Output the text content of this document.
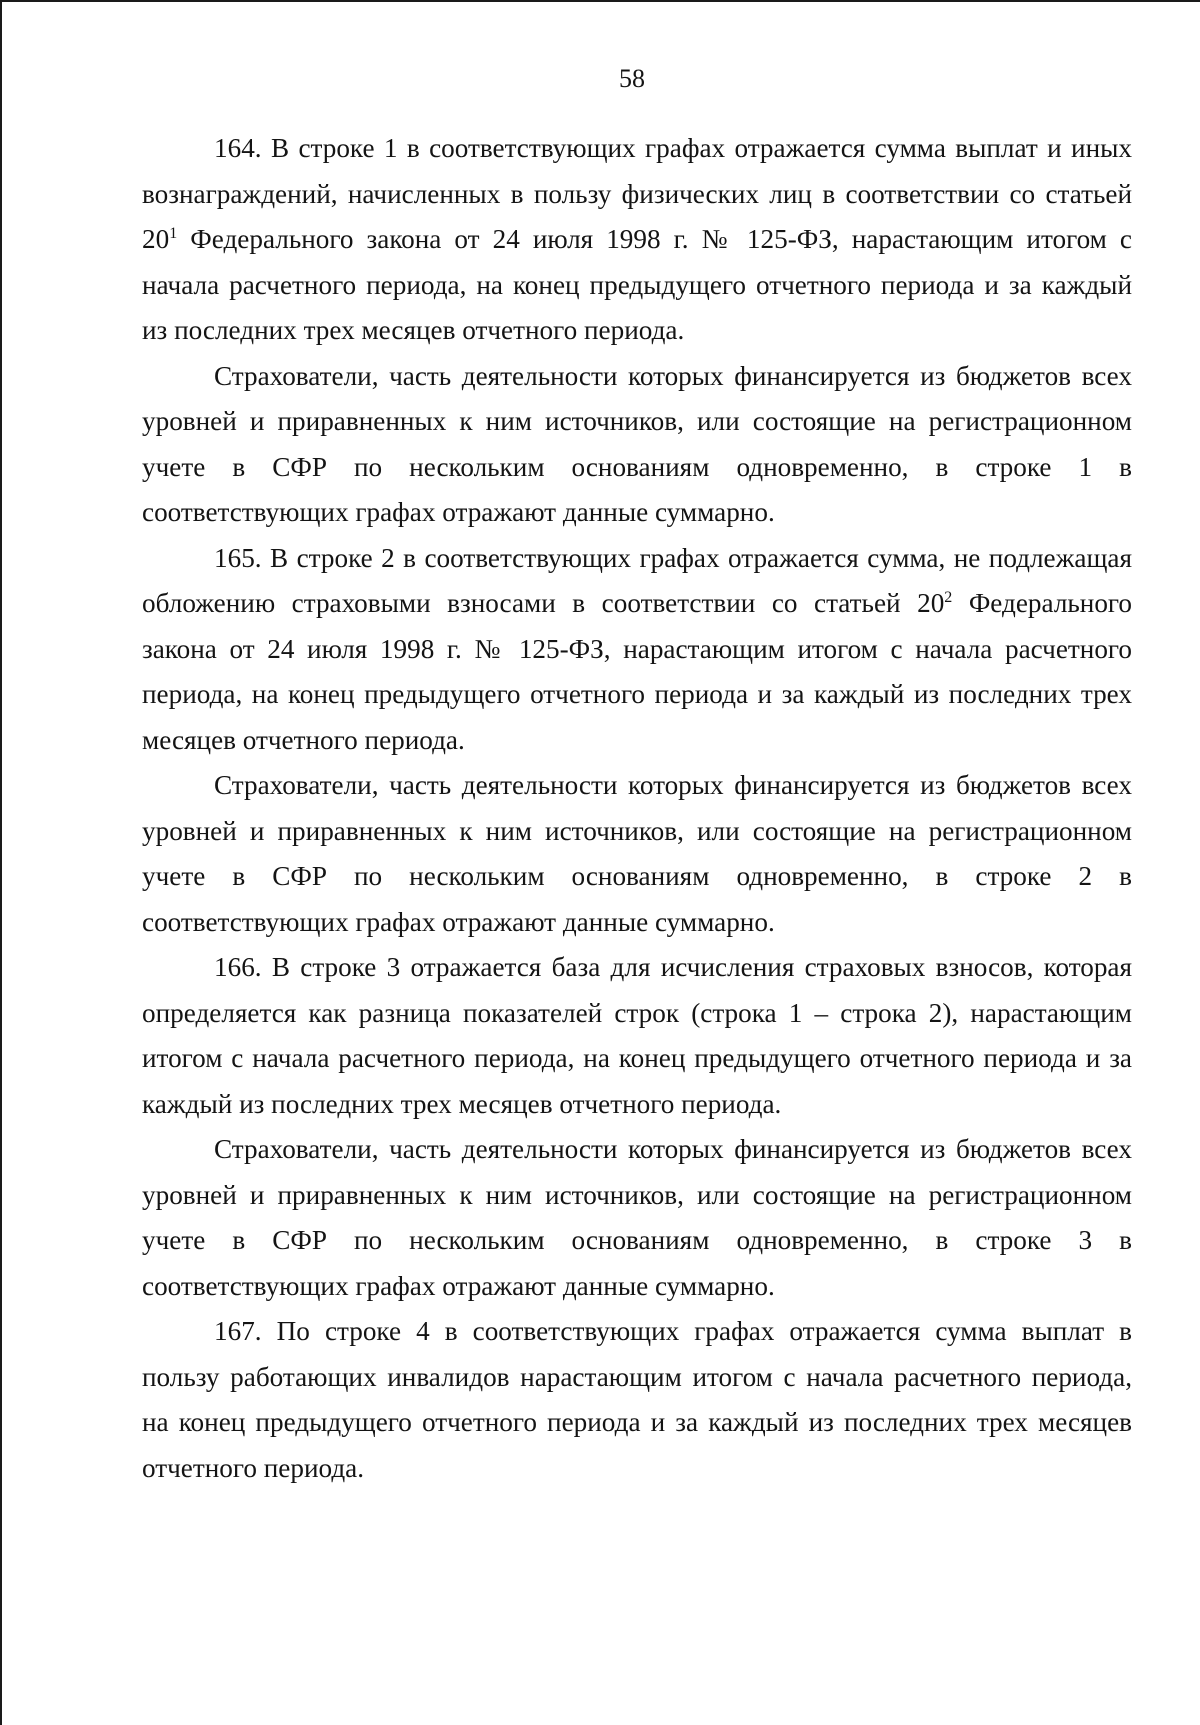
58

164. В строке 1 в соответствующих графах отражается сумма выплат и иных вознаграждений, начисленных в пользу физических лиц в соответствии со статьей $20^1$ Федерального закона от 24 июля 1998 г. № 125-ФЗ, нарастающим итогом с начала расчетного периода, на конец предыдущего отчетного периода и за каждый из последних трех месяцев отчетного периода.

Страхователи, часть деятельности которых финансируется из бюджетов всех уровней и приравненных к ним источников, или состоящие на регистрационном учете в СФР по нескольким основаниям одновременно, в строке 1 в соответствующих графах отражают данные суммарно.

165. В строке 2 в соответствующих графах отражается сумма, не подлежащая обложению страховыми взносами в соответствии со статьей $20^2$ Федерального закона от 24 июля 1998 г. № 125-ФЗ, нарастающим итогом с начала расчетного периода, на конец предыдущего отчетного периода и за каждый из последних трех месяцев отчетного периода.

Страхователи, часть деятельности которых финансируется из бюджетов всех уровней и приравненных к ним источников, или состоящие на регистрационном учете в СФР по нескольким основаниям одновременно, в строке 2 в соответствующих графах отражают данные суммарно.

166. В строке 3 отражается база для исчисления страховых взносов, которая определяется как разница показателей строк (строка 1 – строка 2), нарастающим итогом с начала расчетного периода, на конец предыдущего отчетного периода и за каждый из последних трех месяцев отчетного периода.

Страхователи, часть деятельности которых финансируется из бюджетов всех уровней и приравненных к ним источников, или состоящие на регистрационном учете в СФР по нескольким основаниям одновременно, в строке 3 в соответствующих графах отражают данные суммарно.

167. По строке 4 в соответствующих графах отражается сумма выплат в пользу работающих инвалидов нарастающим итогом с начала расчетного периода, на конец предыдущего отчетного периода и за каждый из последних трех месяцев отчетного периода.
